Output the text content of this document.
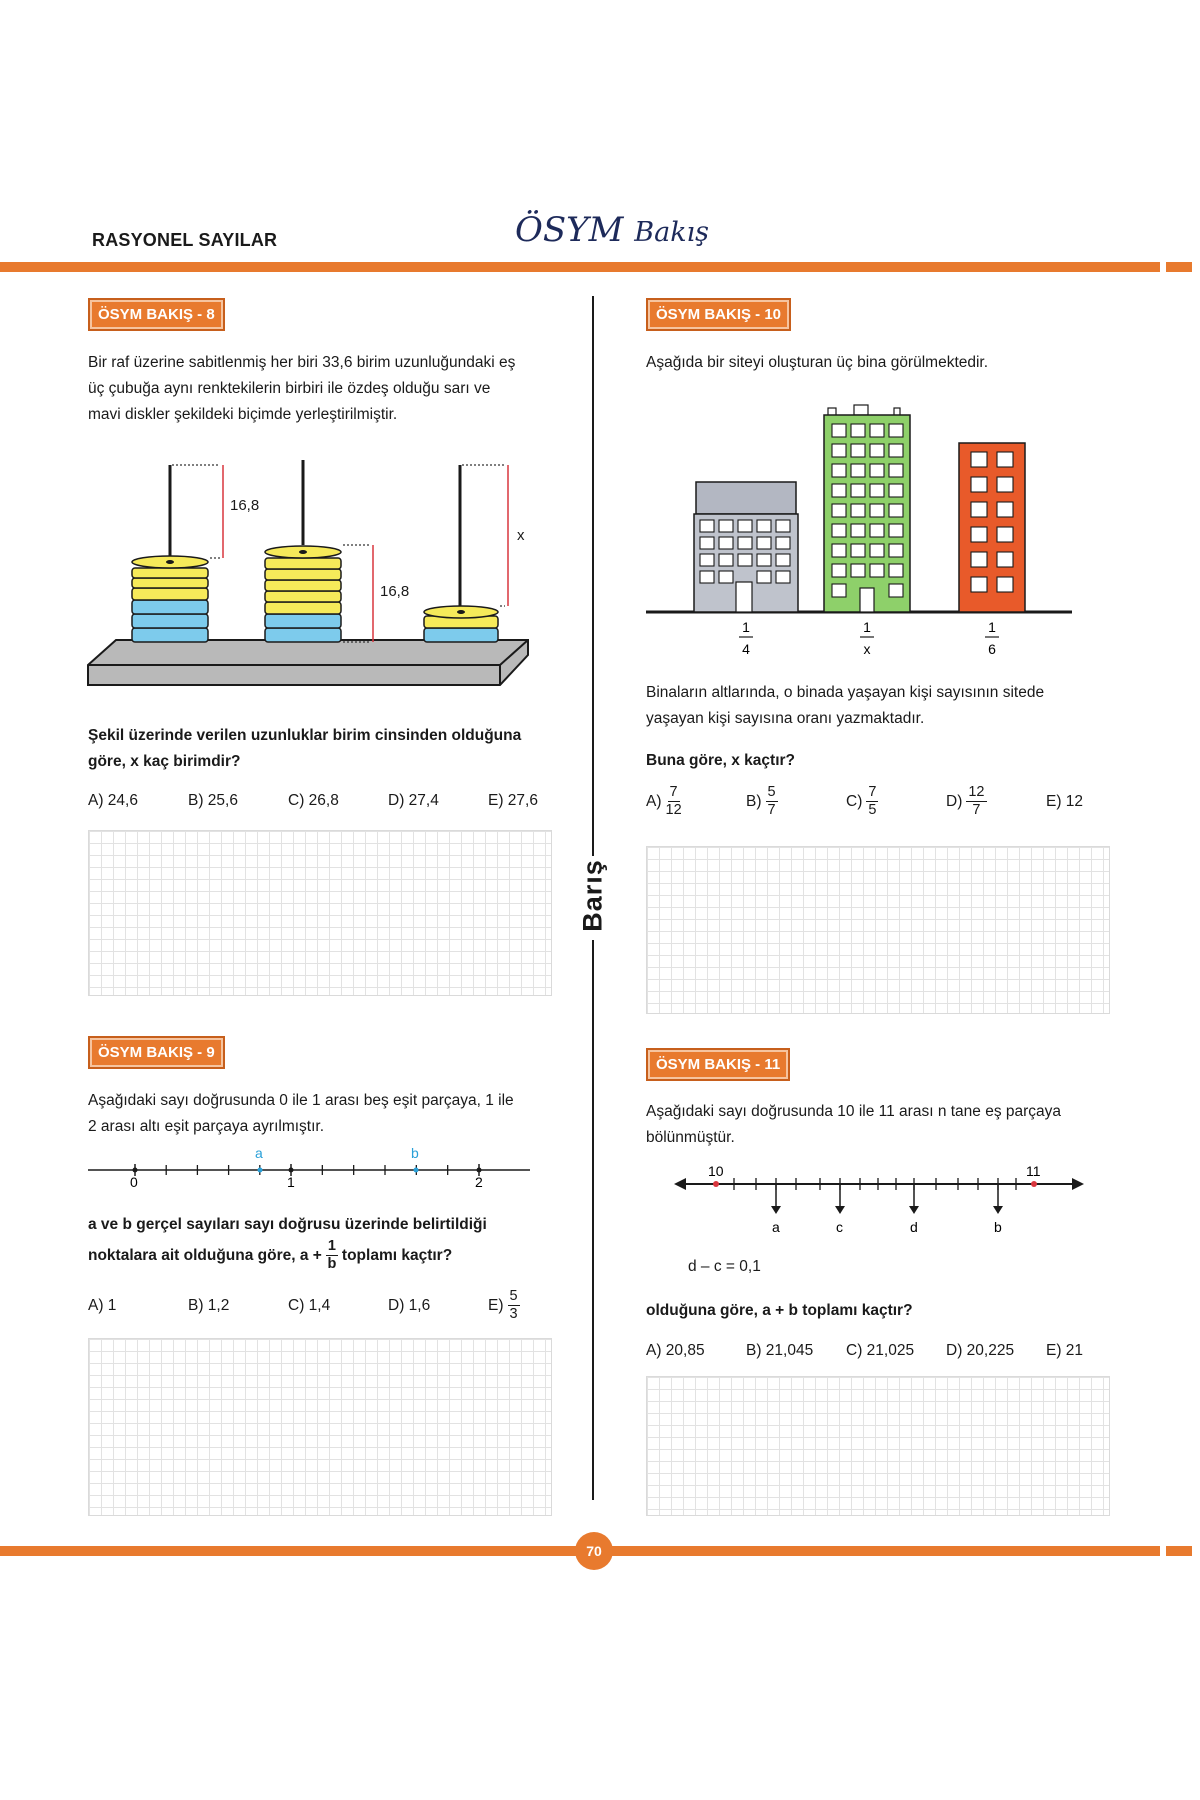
RASYONEL SAYILAR	ÖSYM Bakış
Barış
ÖSYM BAKIŞ - 8
Bir raf üzerine sabitlenmiş her biri 33,6 birim uzunluğundaki eş
üç çubuğa aynı renktekilerin birbiri ile özdeş olduğu sarı ve
mavi diskler şekildeki biçimde yerleştirilmiştir.
16,8
16,8
x
Şekil üzerinde verilen uzunluklar birim cinsinden olduğuna
göre, x kaç birimdir?
A) 24,6	B) 25,6	C) 26,8	D) 27,4	E) 27,6
ÖSYM BAKIŞ - 9
Aşağıdaki sayı doğrusunda 0 ile 1 arası beş eşit parçaya, 1 ile
2 arası altı eşit parçaya ayrılmıştır.
0	1	2
a	b
a ve b gerçel sayıları sayı doğrusu üzerinde belirtildiği
noktalara ait olduğuna göre, $a + \frac{1}{b}$ toplamı kaçtır?
A) 1	B) 1,2	C) 1,4	D) 1,6	$E) \frac{5}{3}$
ÖSYM BAKIŞ - 10
Aşağıda bir siteyi oluşturan üç bina görülmektedir.
1
4
1
x
1
6
Binaların altlarında, o binada yaşayan kişi sayısının sitede
yaşayan kişi sayısına oranı yazmaktadır.
Buna göre, x kaçtır?
$A) \frac{7}{12}$	$B) \frac{5}{7}$	$C) \frac{7}{5}$	$D) \frac{12}{7}$	E) 12
ÖSYM BAKIŞ - 11
Aşağıdaki sayı doğrusunda 10 ile 11 arası n tane eş parçaya
bölünmüştür.
10	11
a	c	d	b
d – c = 0,1
olduğuna göre, a + b toplamı kaçtır?
A) 20,85	B) 21,045	C) 21,025	D) 20,225	E) 21
70
